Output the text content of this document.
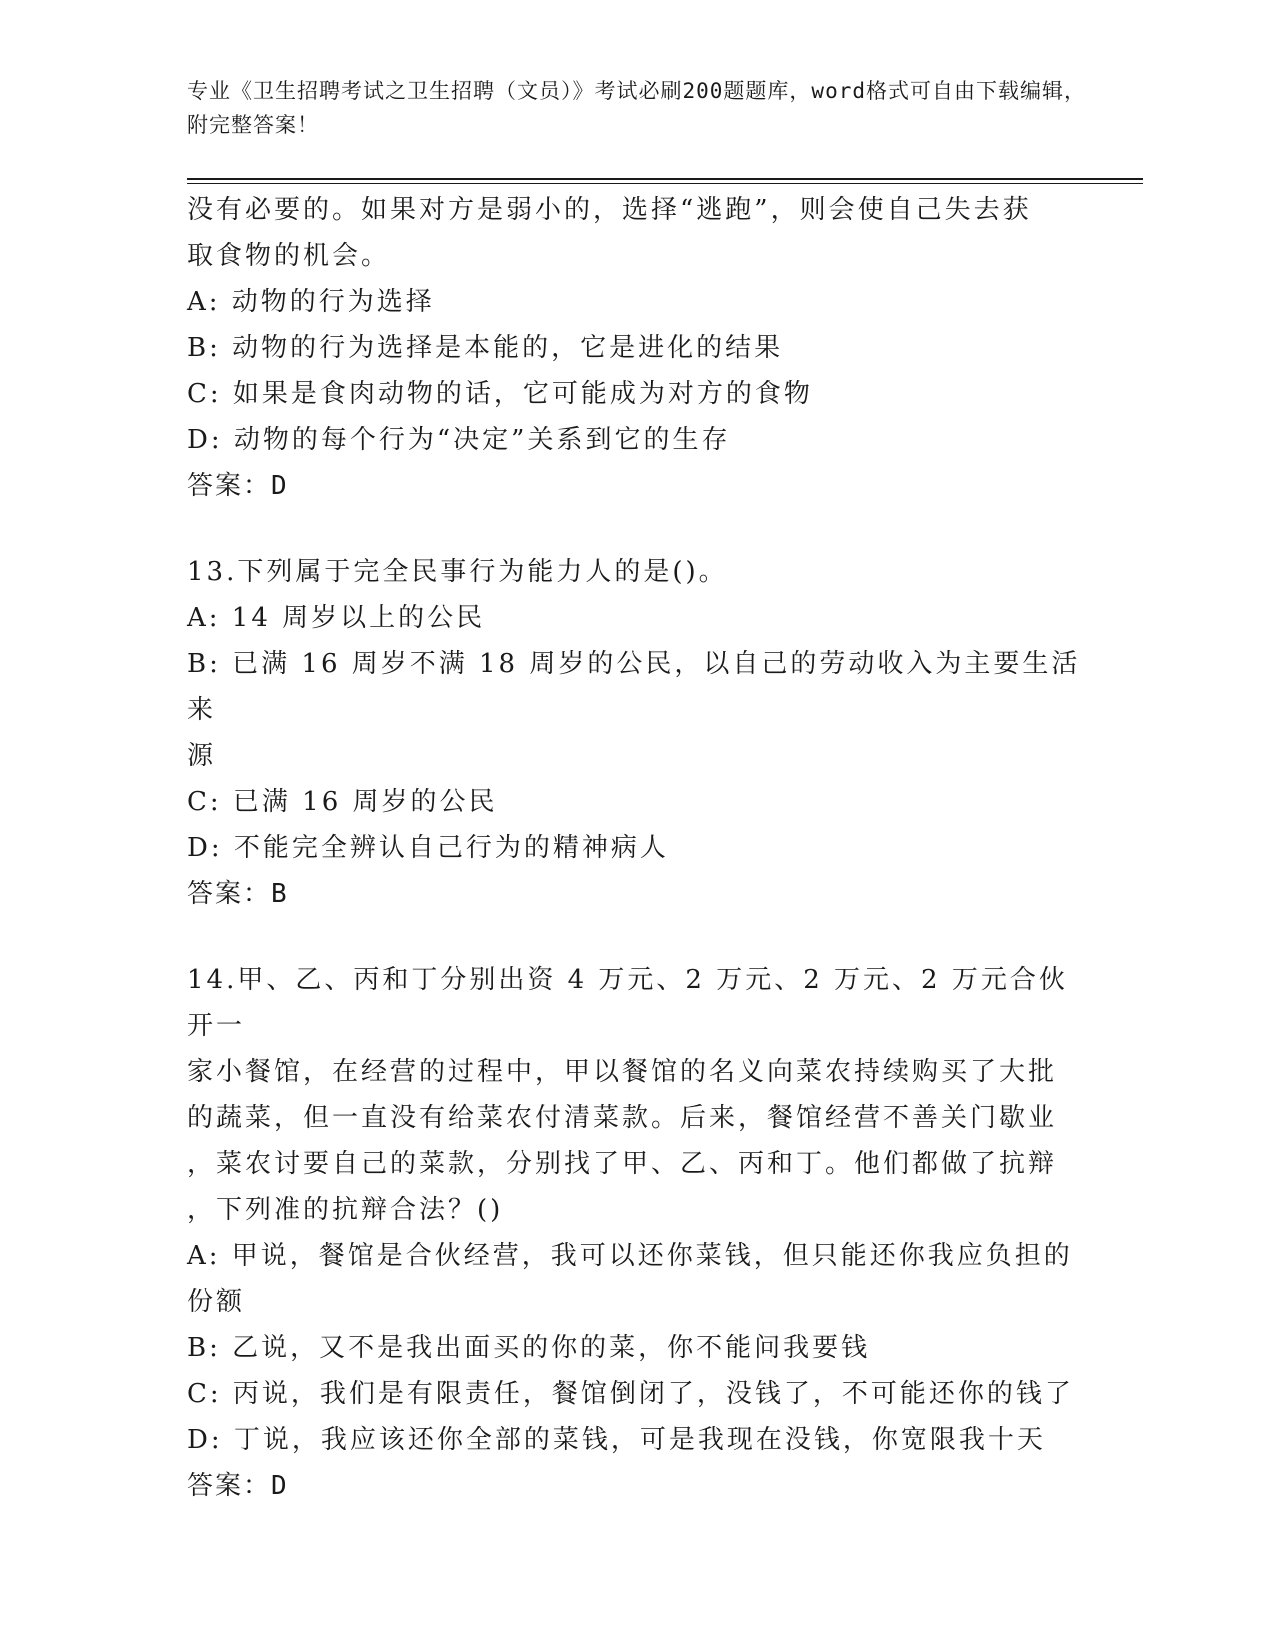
专业《卫生招聘考试之卫生招聘（文员）》考试必刷200题题库，word格式可自由下载编辑，附完整答案！
没有必要的。如果对方是弱小的，选择“逃跑”，则会使自己失去获
取食物的机会。
A: 动物的行为选择
B: 动物的行为选择是本能的，它是进化的结果
C: 如果是食肉动物的话，它可能成为对方的食物
D: 动物的每个行为“决定”关系到它的生存
答案：D
13.下列属于完全民事行为能力人的是()。
A: 14 周岁以上的公民
B: 已满 16 周岁不满 18 周岁的公民，以自己的劳动收入为主要生活来
源
C: 已满 16 周岁的公民
D: 不能完全辨认自己行为的精神病人
答案：B
14.甲、乙、丙和丁分别出资 4 万元、2 万元、2 万元、2 万元合伙开一
家小餐馆，在经营的过程中，甲以餐馆的名义向菜农持续购买了大批
的蔬菜，但一直没有给菜农付清菜款。后来，餐馆经营不善关门歇业
，菜农讨要自己的菜款，分别找了甲、乙、丙和丁。他们都做了抗辩
，下列准的抗辩合法？()
A: 甲说，餐馆是合伙经营，我可以还你菜钱，但只能还你我应负担的
份额
B: 乙说，又不是我出面买的你的菜，你不能问我要钱
C: 丙说，我们是有限责任，餐馆倒闭了，没钱了，不可能还你的钱了
D: 丁说，我应该还你全部的菜钱，可是我现在没钱，你宽限我十天
答案：D
